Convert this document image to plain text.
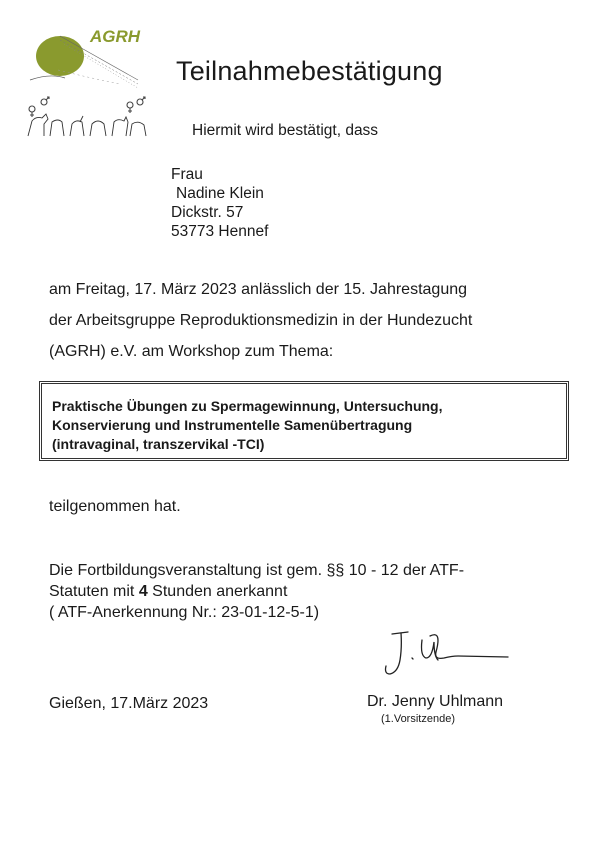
AGRH
Teilnahmebestätigung
Hiermit wird bestätigt, dass
Frau
Nadine Klein
Dickstr. 57
53773 Hennef
am Freitag, 17. März 2023 anlässlich der 15. Jahrestagung
der Arbeitsgruppe Reproduktionsmedizin in der Hundezucht
(AGRH) e.V. am Workshop zum Thema:
Praktische Übungen zu Spermagewinnung, Untersuchung,
Konservierung und Instrumentelle Samenübertragung
(intravaginal, transzervikal -TCI)
teilgenommen hat.
Die Fortbildungsveranstaltung ist gem. §§ 10 - 12 der ATF-
Statuten mit 4 Stunden anerkannt
( ATF-Anerkennung Nr.: 23-01-12-5-1)
Gießen, 17.März 2023	Dr. Jenny Uhlmann
(1.Vorsitzende)
